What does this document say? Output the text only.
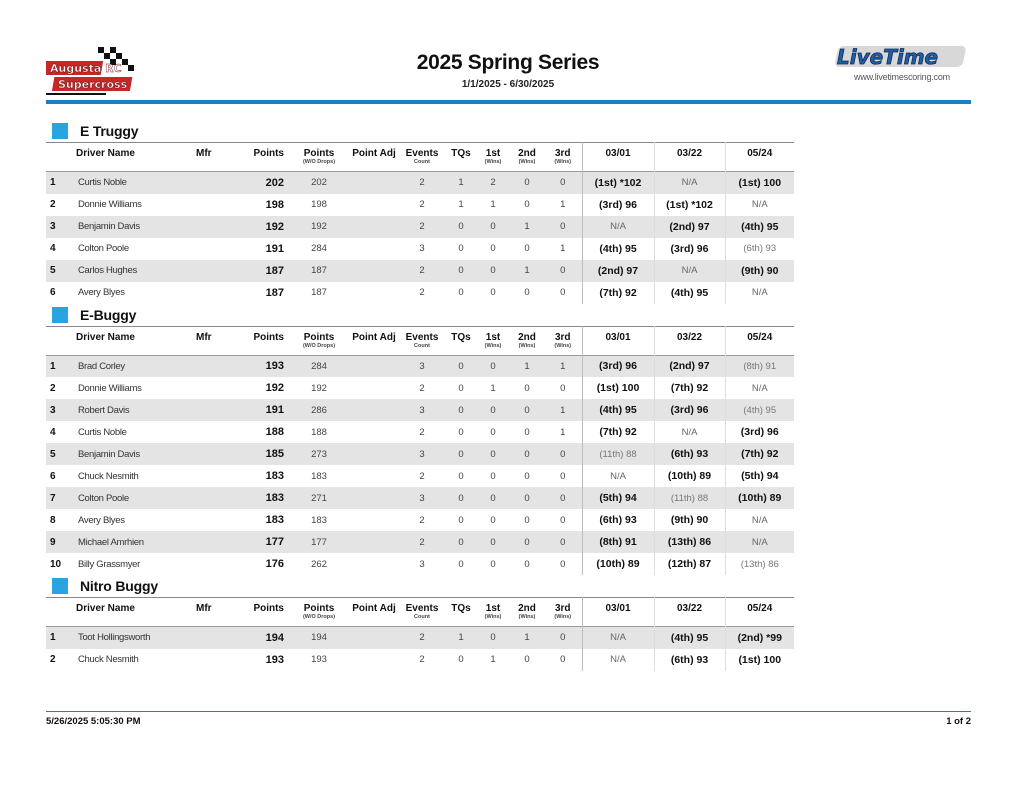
Augusta RC
Supercross
2025 Spring Series
1/1/2025 - 6/30/2025
LiveTime
www.livetimescoring.com
E Truggy
	Driver Name	Mfr	Points	Points
(W/O Drops)	Point Adj	Events
Count	TQs	1st
(Wins)	2nd
(Wins)	3rd
(Wins)	03/01	03/22	05/24
1	Curtis Noble		202	202		2	1	2	0	0	(1st) *102	N/A	(1st) 100
2	Donnie Williams		198	198		2	1	1	0	1	(3rd) 96	(1st) *102	N/A
3	Benjamin Davis		192	192		2	0	0	1	0	N/A	(2nd) 97	(4th) 95
4	Colton Poole		191	284		3	0	0	0	1	(4th) 95	(3rd) 96	(6th) 93
5	Carlos Hughes		187	187		2	0	0	1	0	(2nd) 97	N/A	(9th) 90
6	Avery Blyes		187	187		2	0	0	0	0	(7th) 92	(4th) 95	N/A
E-Buggy
	Driver Name	Mfr	Points	Points
(W/O Drops)	Point Adj	Events
Count	TQs	1st
(Wins)	2nd
(Wins)	3rd
(Wins)	03/01	03/22	05/24
1	Brad Corley		193	284		3	0	0	1	1	(3rd) 96	(2nd) 97	(8th) 91
2	Donnie Williams		192	192		2	0	1	0	0	(1st) 100	(7th) 92	N/A
3	Robert Davis		191	286		3	0	0	0	1	(4th) 95	(3rd) 96	(4th) 95
4	Curtis Noble		188	188		2	0	0	0	1	(7th) 92	N/A	(3rd) 96
5	Benjamin Davis		185	273		3	0	0	0	0	(11th) 88	(6th) 93	(7th) 92
6	Chuck Nesmith		183	183		2	0	0	0	0	N/A	(10th) 89	(5th) 94
7	Colton Poole		183	271		3	0	0	0	0	(5th) 94	(11th) 88	(10th) 89
8	Avery Blyes		183	183		2	0	0	0	0	(6th) 93	(9th) 90	N/A
9	Michael Amrhien		177	177		2	0	0	0	0	(8th) 91	(13th) 86	N/A
10	Billy Grassmyer		176	262		3	0	0	0	0	(10th) 89	(12th) 87	(13th) 86
Nitro Buggy
	Driver Name	Mfr	Points	Points
(W/O Drops)	Point Adj	Events
Count	TQs	1st
(Wins)	2nd
(Wins)	3rd
(Wins)	03/01	03/22	05/24
1	Toot Hollingsworth		194	194		2	1	0	1	0	N/A	(4th) 95	(2nd) *99
2	Chuck Nesmith		193	193		2	0	1	0	0	N/A	(6th) 93	(1st) 100
5/26/2025 5:05:30 PM	1 of 2
